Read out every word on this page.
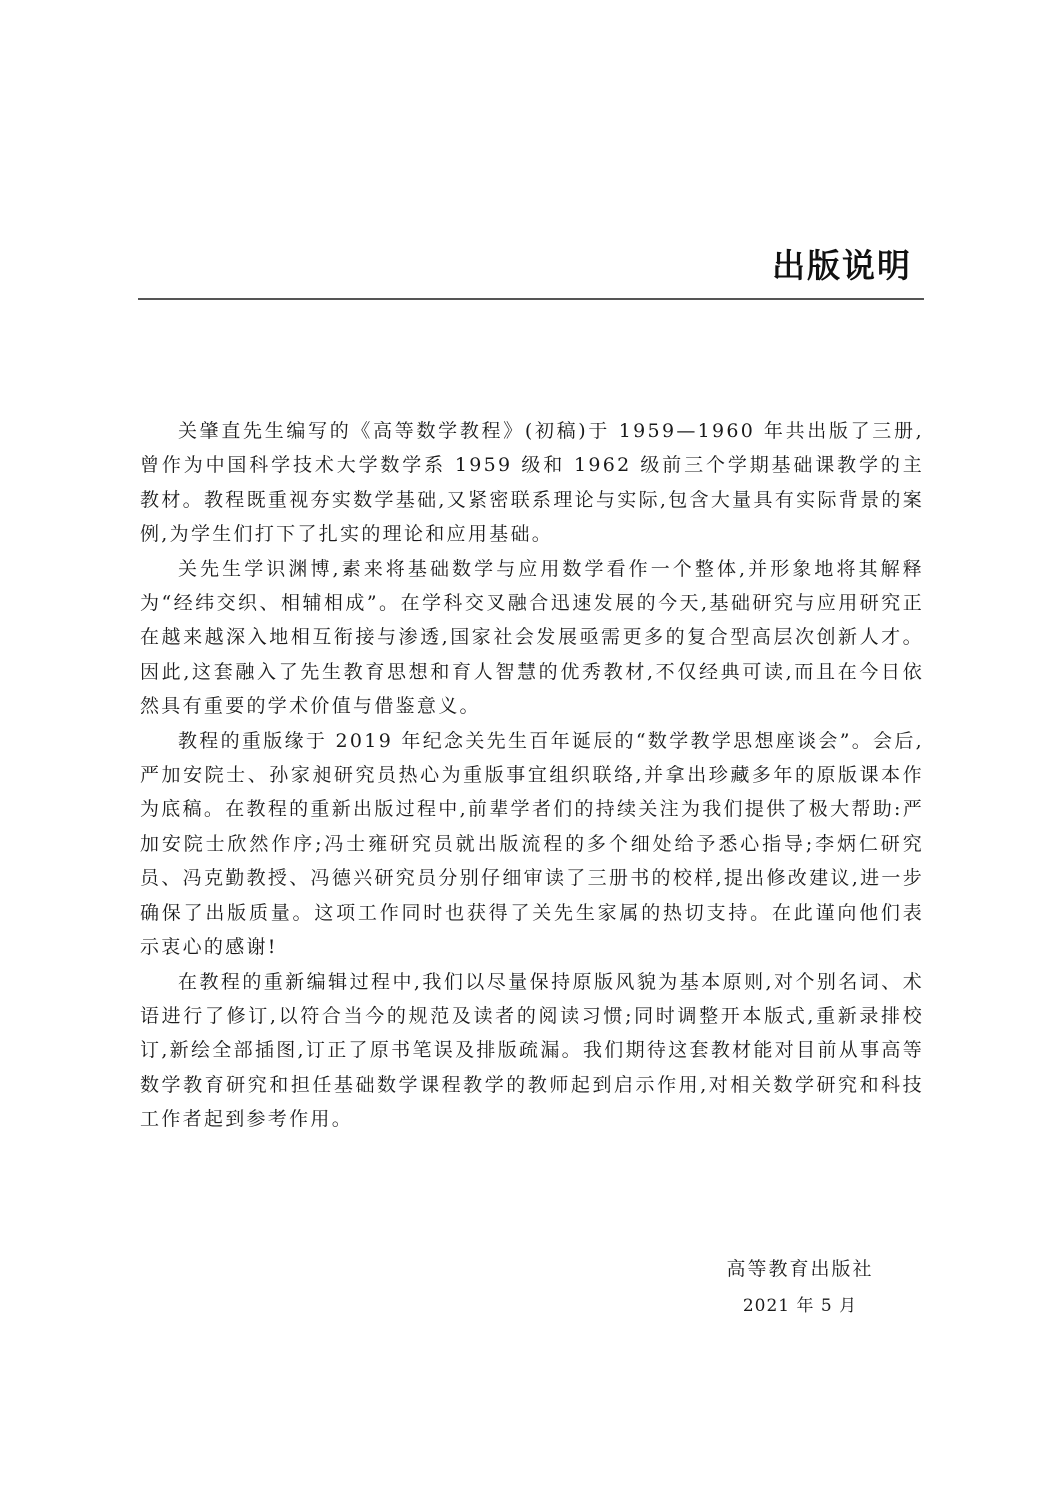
出版说明

关肇直先生编写的《高等数学教程》(初稿)于 1959—1960 年共出版了三册,曾作为中国科学技术大学数学系 1959 级和 1962 级前三个学期基础课教学的主教材。教程既重视夯实数学基础,又紧密联系理论与实际,包含大量具有实际背景的案例,为学生们打下了扎实的理论和应用基础。

关先生学识渊博,素来将基础数学与应用数学看作一个整体,并形象地将其解释为“经纬交织、相辅相成”。在学科交叉融合迅速发展的今天,基础研究与应用研究正在越来越深入地相互衔接与渗透,国家社会发展亟需更多的复合型高层次创新人才。因此,这套融入了先生教育思想和育人智慧的优秀教材,不仅经典可读,而且在今日依然具有重要的学术价值与借鉴意义。

教程的重版缘于 2019 年纪念关先生百年诞辰的“数学教学思想座谈会”。会后,严加安院士、孙家昶研究员热心为重版事宜组织联络,并拿出珍藏多年的原版课本作为底稿。在教程的重新出版过程中,前辈学者们的持续关注为我们提供了极大帮助:严加安院士欣然作序;冯士雍研究员就出版流程的多个细处给予悉心指导;李炳仁研究员、冯克勤教授、冯德兴研究员分别仔细审读了三册书的校样,提出修改建议,进一步确保了出版质量。这项工作同时也获得了关先生家属的热切支持。在此谨向他们表示衷心的感谢!

在教程的重新编辑过程中,我们以尽量保持原版风貌为基本原则,对个别名词、术语进行了修订,以符合当今的规范及读者的阅读习惯;同时调整开本版式,重新录排校订,新绘全部插图,订正了原书笔误及排版疏漏。我们期待这套教材能对目前从事高等数学教育研究和担任基础数学课程教学的教师起到启示作用,对相关数学研究和科技工作者起到参考作用。

高等教育出版社

2021 年 5 月
